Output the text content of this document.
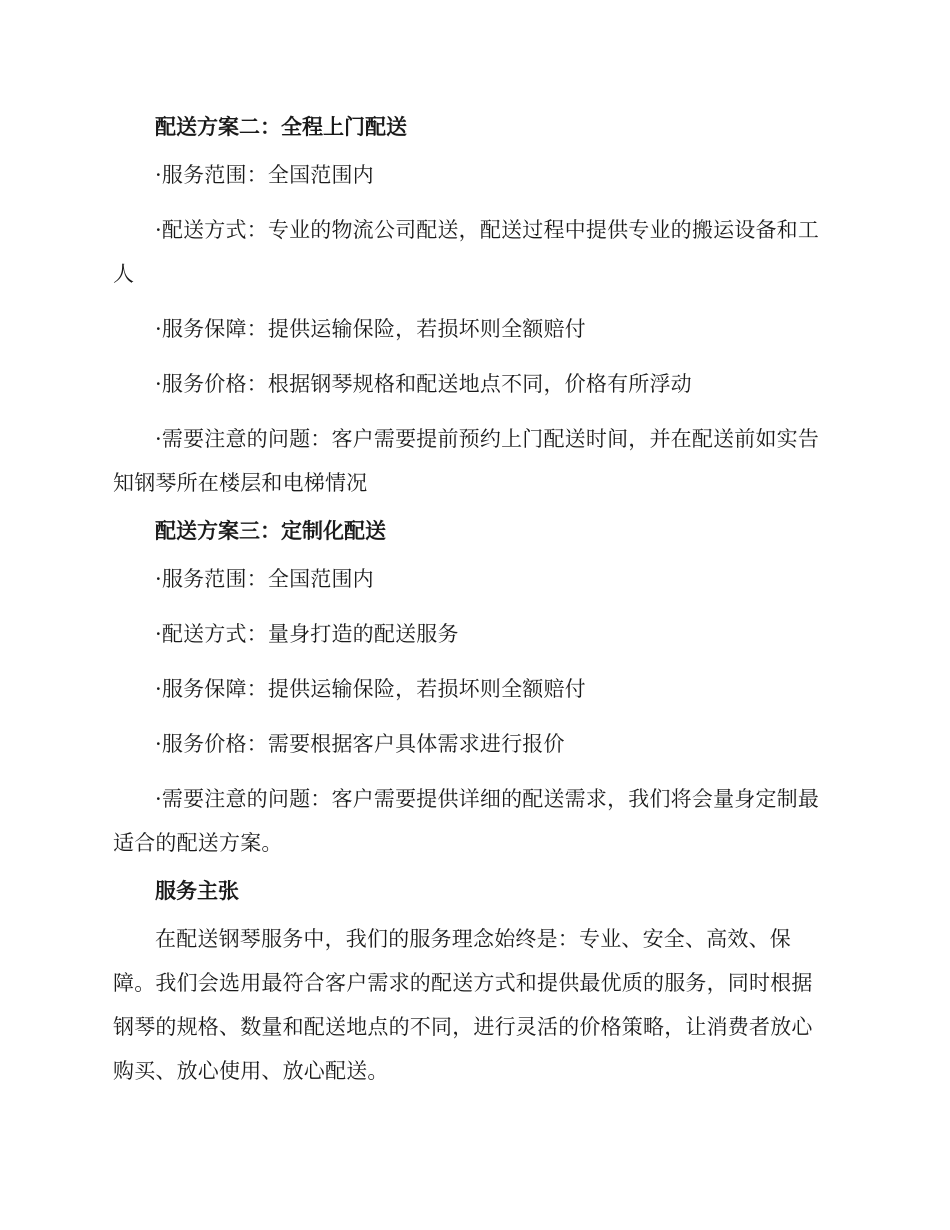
配送方案二：全程上门配送
·服务范围：全国范围内
·配送方式：专业的物流公司配送，配送过程中提供专业的搬运设备和工人
·服务保障：提供运输保险，若损坏则全额赔付
·服务价格：根据钢琴规格和配送地点不同，价格有所浮动
·需要注意的问题：客户需要提前预约上门配送时间，并在配送前如实告知钢琴所在楼层和电梯情况
配送方案三：定制化配送
·服务范围：全国范围内
·配送方式：量身打造的配送服务
·服务保障：提供运输保险，若损坏则全额赔付
·服务价格：需要根据客户具体需求进行报价
·需要注意的问题：客户需要提供详细的配送需求，我们将会量身定制最适合的配送方案。
服务主张
在配送钢琴服务中，我们的服务理念始终是：专业、安全、高效、保障。我们会选用最符合客户需求的配送方式和提供最优质的服务，同时根据钢琴的规格、数量和配送地点的不同，进行灵活的价格策略，让消费者放心购买、放心使用、放心配送。
